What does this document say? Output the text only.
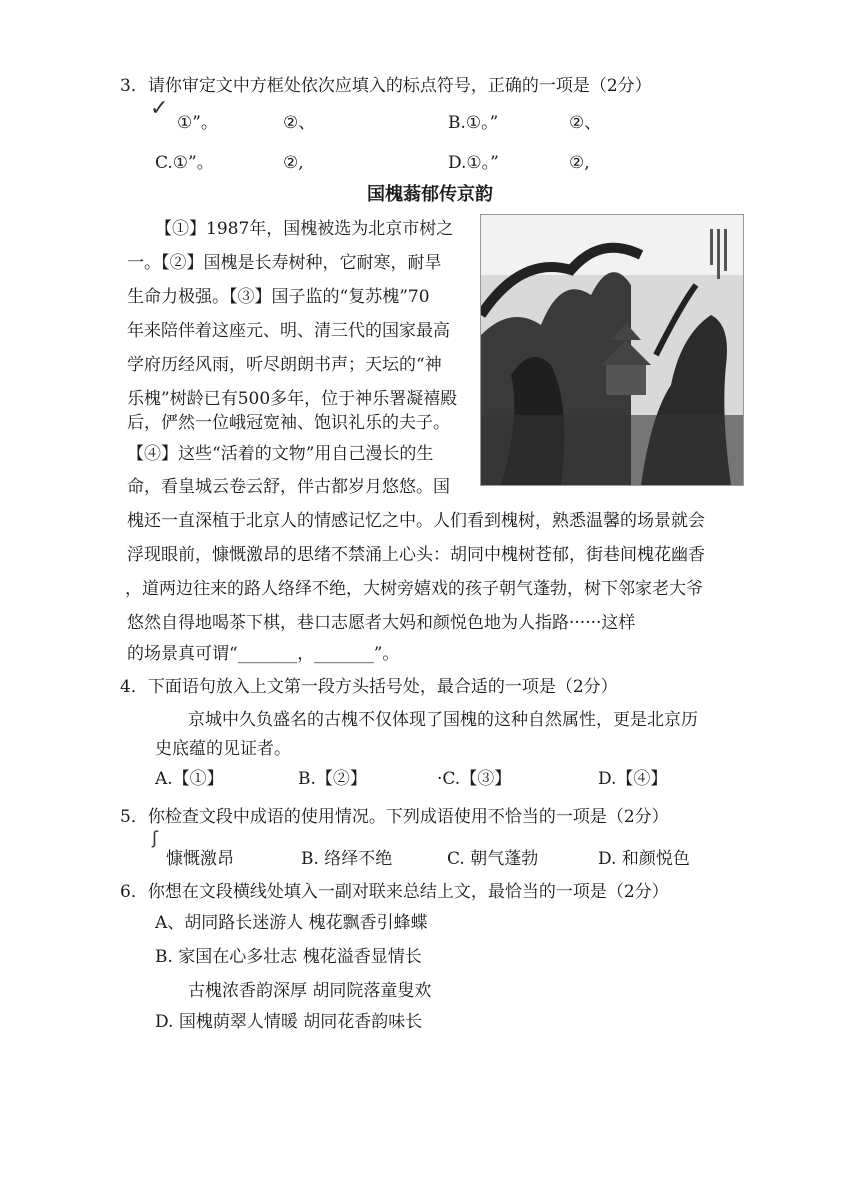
3．请你审定文中方框处依次应填入的标点符号，正确的一项是（2分）
✓
①”。	②、	B.①。”	②、
C.①”。	②,	D.①。”	②,
国槐蓊郁传京韵
【①】1987年，国槐被选为北京市树之
一。【②】国槐是长寿树种，它耐寒，耐旱
生命力极强。【③】国子监的“复苏槐”70
年来陪伴着这座元、明、清三代的国家最高
学府历经风雨，听尽朗朗书声；天坛的“神
乐槐”树龄已有500多年，位于神乐署凝禧殿
后，俨然一位峨冠宽袖、饱识礼乐的夫子。
【④】这些“活着的文物”用自己漫长的生
命，看皇城云卷云舒，伴古都岁月悠悠。国
槐还一直深植于北京人的情感记忆之中。人们看到槐树，熟悉温馨的场景就会
浮现眼前，慷慨激昂的思绪不禁涌上心头：胡同中槐树苍郁，街巷间槐花幽香
，道两边往来的路人络绎不绝，大树旁嬉戏的孩子朝气蓬勃，树下邻家老大爷
悠然自得地喝茶下棋，巷口志愿者大妈和颜悦色地为人指路······这样
的场景真可谓“_______，_______”。
4．下面语句放入上文第一段方头括号处，最合适的一项是（2分）
京城中久负盛名的古槐不仅体现了国槐的这种自然属性，更是北京历
史底蕴的见证者。
A.【①】	B.【②】	·C.【③】	D.【④】
5．你检查文段中成语的使用情况。下列成语使用不恰当的一项是（2分）
ʃ
慷慨激昂	B. 络绎不绝	C. 朝气蓬勃	D. 和颜悦色
6．你想在文段横线处填入一副对联来总结上文，最恰当的一项是（2分）
A、胡同路长迷游人 槐花飘香引蜂蝶
B. 家国在心多壮志 槐花溢香显情长
古槐浓香韵深厚 胡同院落童叟欢
D. 国槐荫翠人情暖 胡同花香韵味长
